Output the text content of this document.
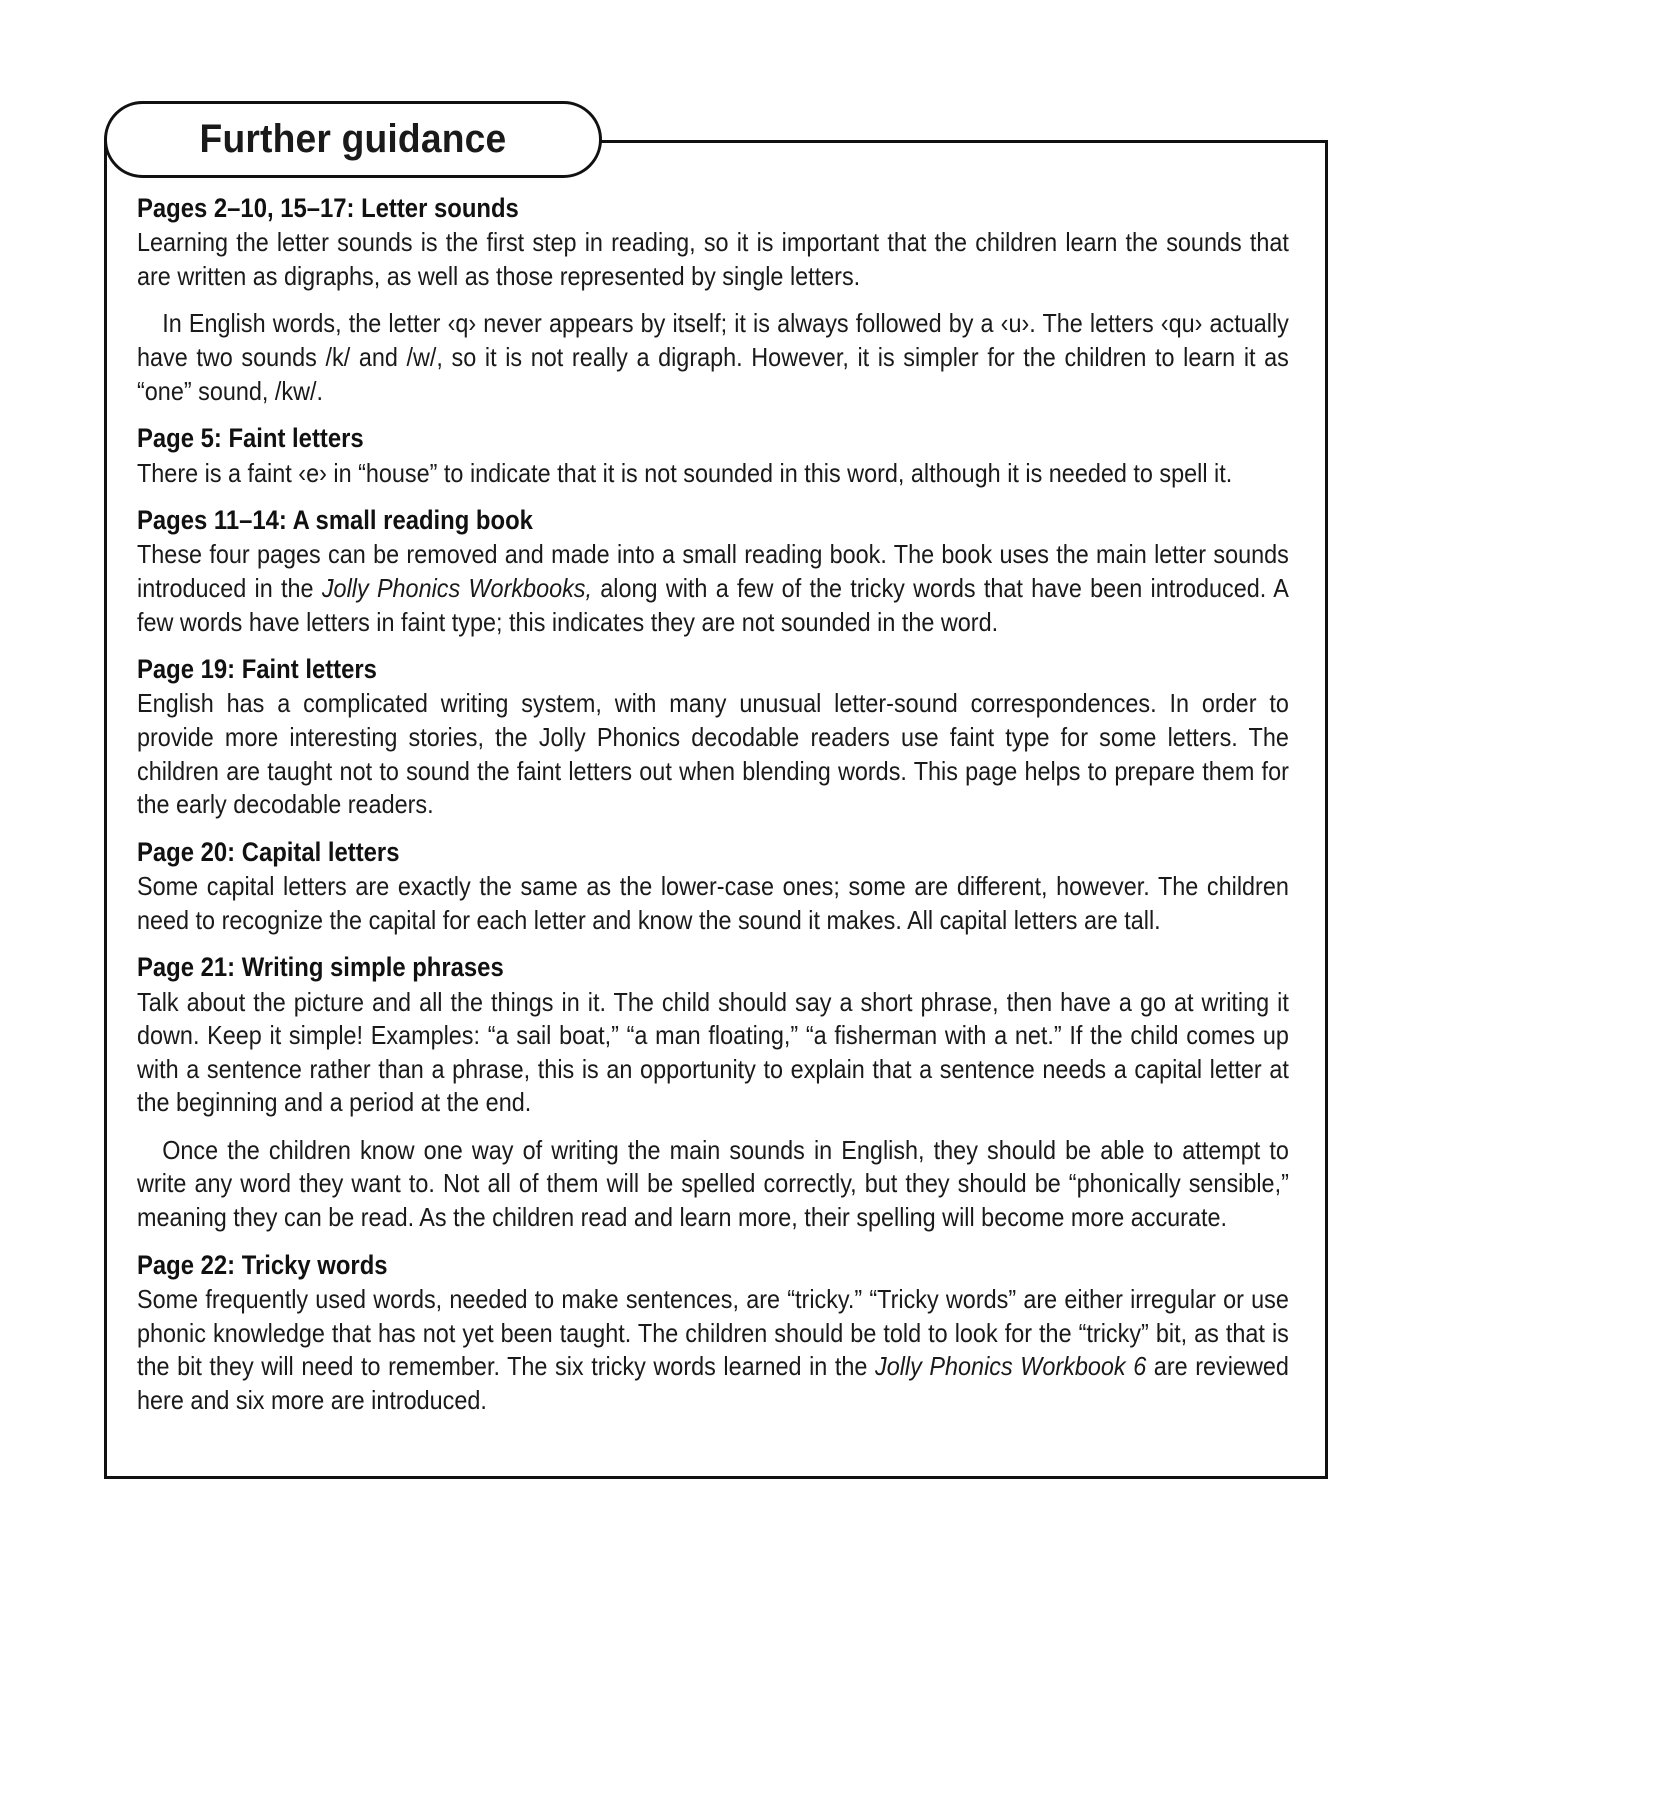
Further guidance
Pages 2–10, 15–17: Letter sounds

Learning the letter sounds is the first step in reading, so it is important that the children learn the sounds that are written as digraphs, as well as those represented by single letters.

In English words, the letter ‹q› never appears by itself; it is always followed by a ‹u›. The letters ‹qu› actually have two sounds /k/ and /w/, so it is not really a digraph. However, it is simpler for the children to learn it as “one” sound, /kw/.

Page 5: Faint letters

There is a faint ‹e› in “house” to indicate that it is not sounded in this word, although it is needed to spell it.

Pages 11–14: A small reading book

These four pages can be removed and made into a small reading book. The book uses the main letter sounds introduced in the Jolly Phonics Workbooks, along with a few of the tricky words that have been introduced. A few words have letters in faint type; this indicates they are not sounded in the word.

Page 19: Faint letters

English has a complicated writing system, with many unusual letter-sound correspondences. In order to provide more interesting stories, the Jolly Phonics decodable readers use faint type for some letters. The children are taught not to sound the faint letters out when blending words. This page helps to prepare them for the early decodable readers.

Page 20: Capital letters

Some capital letters are exactly the same as the lower-case ones; some are different, however. The children need to recognize the capital for each letter and know the sound it makes. All capital letters are tall.

Page 21: Writing simple phrases

Talk about the picture and all the things in it. The child should say a short phrase, then have a go at writing it down. Keep it simple! Examples: “a sail boat,” “a man floating,” “a fisherman with a net.” If the child comes up with a sentence rather than a phrase, this is an opportunity to explain that a sentence needs a capital letter at the beginning and a period at the end.

Once the children know one way of writing the main sounds in English, they should be able to attempt to write any word they want to. Not all of them will be spelled correctly, but they should be “phonically sensible,” meaning they can be read. As the children read and learn more, their spelling will become more accurate.

Page 22: Tricky words

Some frequently used words, needed to make sentences, are “tricky.” “Tricky words” are either irregular or use phonic knowledge that has not yet been taught. The children should be told to look for the “tricky” bit, as that is the bit they will need to remember. The six tricky words learned in the Jolly Phonics Workbook 6 are reviewed here and six more are introduced.
